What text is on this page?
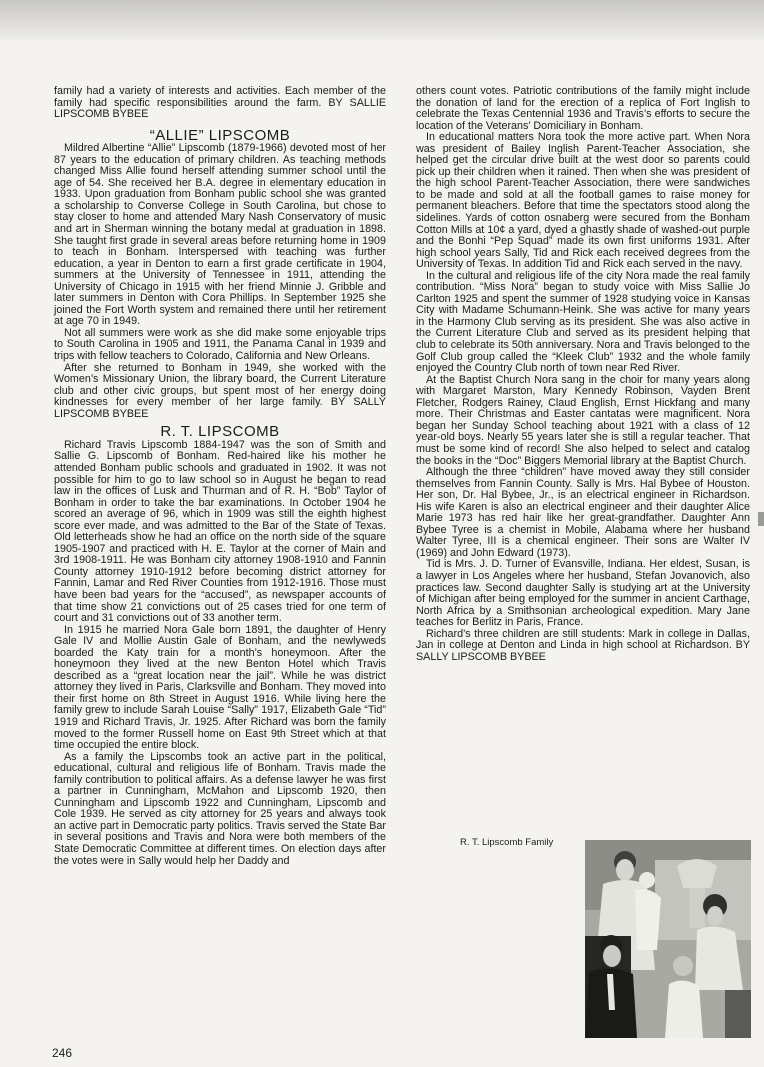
family had a variety of interests and activities. Each member of the family had specific responsibilities around the farm. BY SALLIE LIPSCOMB BYBEE

“ALLIE” LIPSCOMB

Mildred Albertine “Allie” Lipscomb (1879-1966) devoted most of her 87 years to the education of primary children. As teaching methods changed Miss Allie found herself attending summer school until the age of 54. She received her B.A. degree in elementary education in 1933. Upon graduation from Bonham public school she was granted a scholarship to Converse College in South Carolina, but chose to stay closer to home and attended Mary Nash Conservatory of music and art in Sherman winning the botany medal at graduation in 1898. She taught first grade in several areas before returning home in 1909 to teach in Bonham. Interspersed with teaching was further education, a year in Denton to earn a first grade certificate in 1904, summers at the University of Tennessee in 1911, attending the University of Chicago in 1915 with her friend Minnie J. Gribble and later summers in Denton with Cora Phillips. In September 1925 she joined the Fort Worth system and remained there until her retirement at age 70 in 1949.

Not all summers were work as she did make some enjoyable trips to South Carolina in 1905 and 1911, the Panama Canal in 1939 and trips with fellow teachers to Colorado, California and New Orleans.

After she returned to Bonham in 1949, she worked with the Women’s Missionary Union, the library board, the Current Literature club and other civic groups, but spent most of her energy doing kindnesses for every member of her large family. BY SALLY LIPSCOMB BYBEE

R. T. LIPSCOMB

Richard Travis Lipscomb 1884-1947 was the son of Smith and Sallie G. Lipscomb of Bonham. Red-haired like his mother he attended Bonham public schools and graduated in 1902. It was not possible for him to go to law school so in August he began to read law in the offices of Lusk and Thurman and of R. H. “Bob” Taylor of Bonham in order to take the bar examinations. In October 1904 he scored an average of 96, which in 1909 was still the eighth highest score ever made, and was admitted to the Bar of the State of Texas. Old letterheads show he had an office on the north side of the square 1905-1907 and practiced with H. E. Taylor at the corner of Main and 3rd 1908-1911. He was Bonham city attorney 1908-1910 and Fannin County attorney 1910-1912 before becoming district attorney for Fannin, Lamar and Red River Counties from 1912-1916. Those must have been bad years for the “accused”, as newspaper accounts of that time show 21 convictions out of 25 cases tried for one term of court and 31 convictions out of 33 another term.

In 1915 he married Nora Gale born 1891, the daughter of Henry Gale IV and Mollie Austin Gale of Bonham, and the newlyweds boarded the Katy train for a month’s honeymoon. After the honeymoon they lived at the new Benton Hotel which Travis described as a “great location near the jail”. While he was district attorney they lived in Paris, Clarksville and Bonham. They moved into their first home on 8th Street in August 1916. While living here the family grew to include Sarah Louise “Sally” 1917, Elizabeth Gale “Tid” 1919 and Richard Travis, Jr. 1925. After Richard was born the family moved to the former Russell home on East 9th Street which at that time occupied the entire block.

As a family the Lipscombs took an active part in the political, educational, cultural and religious life of Bonham. Travis made the family contribution to political affairs. As a defense lawyer he was first a partner in Cunningham, McMahon and Lipscomb 1920, then Cunningham and Lipscomb 1922 and Cunningham, Lipscomb and Cole 1939. He served as city attorney for 25 years and always took an active part in Democratic party politics. Travis served the State Bar in several positions and Travis and Nora were both members of the State Democratic Committee at different times. On election days after the votes were in Sally would help her Daddy and

others count votes. Patriotic contributions of the family might include the donation of land for the erection of a replica of Fort Inglish to celebrate the Texas Centennial 1936 and Travis’s efforts to secure the location of the Veterans’ Domiciliary in Bonham.

In educational matters Nora took the more active part. When Nora was president of Bailey Inglish Parent-Teacher Association, she helped get the circular drive built at the west door so parents could pick up their children when it rained. Then when she was president of the high school Parent-Teacher Association, there were sandwiches to be made and sold at all the football games to raise money for permanent bleachers. Before that time the spectators stood along the sidelines. Yards of cotton osnaberg were secured from the Bonham Cotton Mills at 10¢ a yard, dyed a ghastly shade of washed-out purple and the Bonhi “Pep Squad” made its own first uniforms 1931. After high school years Sally, Tid and Rick each received degrees from the University of Texas. In addition Tid and Rick each served in the navy.

In the cultural and religious life of the city Nora made the real family contribution. “Miss Nora” began to study voice with Miss Sallie Jo Carlton 1925 and spent the summer of 1928 studying voice in Kansas City with Madame Schumann-Heink. She was active for many years in the Harmony Club serving as its president. She was also active in the Current Literature Club and served as its president helping that club to celebrate its 50th anniversary. Nora and Travis belonged to the Golf Club group called the “Kleek Club” 1932 and the whole family enjoyed the Country Club north of town near Red River.

At the Baptist Church Nora sang in the choir for many years along with Margaret Marston, Mary Kennedy Robinson, Vayden Brent Fletcher, Rodgers Rainey, Claud English, Ernst Hickfang and many more. Their Christmas and Easter cantatas were magnificent. Nora began her Sunday School teaching about 1921 with a class of 12 year-old boys. Nearly 55 years later she is still a regular teacher. That must be some kind of record! She also helped to select and catalog the books in the “Doc” Biggers Memorial library at the Baptist Church.

Although the three “children” have moved away they still consider themselves from Fannin County. Sally is Mrs. Hal Bybee of Houston. Her son, Dr. Hal Bybee, Jr., is an electrical engineer in Richardson. His wife Karen is also an electrical engineer and their daughter Alice Marie 1973 has red hair like her great-grandfather. Daughter Ann Bybee Tyree is a chemist in Mobile, Alabama where her husband Walter Tyree, III is a chemical engineer. Their sons are Walter IV (1969) and John Edward (1973).

Tid is Mrs. J. D. Turner of Evansville, Indiana. Her eldest, Susan, is a lawyer in Los Angeles where her husband, Stefan Jovanovich, also practices law. Second daughter Sally is studying art at the University of Michigan after being employed for the summer in ancient Carthage, North Africa by a Smithsonian archeological expedition. Mary Jane teaches for Berlitz in Paris, France.

Richard’s three children are still students: Mark in college in Dallas, Jan in college at Denton and Linda in high school at Richardson. BY SALLY LIPSCOMB BYBEE

R. T. Lipscomb Family
246
